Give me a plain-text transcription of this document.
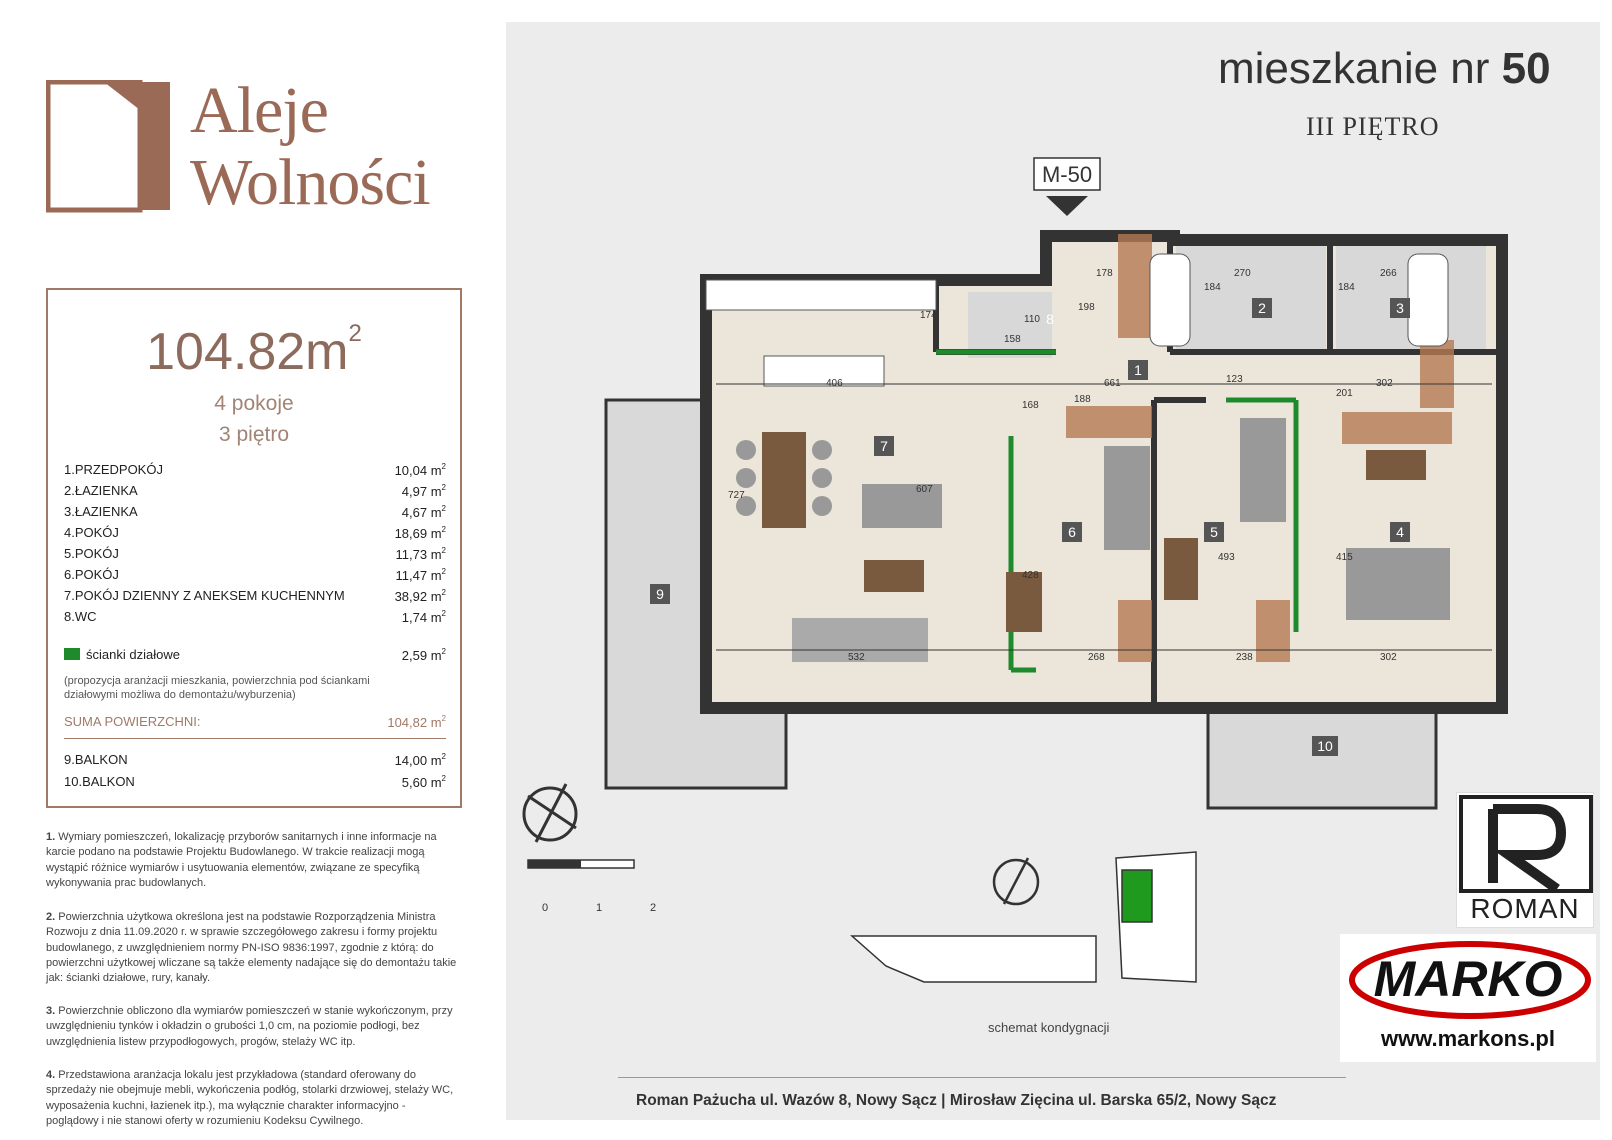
Aleje
Wolności
$104.82m^2$
4 pokoje
3 piętro
1.PRZEDPOKÓJ	10,04 $m^2$
2.ŁAZIENKA	4,97 $m^2$
3.ŁAZIENKA	4,67 $m^2$
4.POKÓJ	18,69 $m^2$
5.POKÓJ	11,73 $m^2$
6.POKÓJ	11,47 $m^2$
7.POKÓJ DZIENNY Z ANEKSEM KUCHENNYM	38,92 $m^2$
8.WC	1,74 $m^2$
ścianki działowe	2,59 $m^2$
(propozycja aranżacji mieszkania, powierzchnia pod ściankami działowymi możliwa do demontażu/wyburzenia)
SUMA POWIERZCHNI:	104,82 $m^2$
9.BALKON	14,00 $m^2$
10.BALKON	5,60 $m^2$
1. Wymiary pomieszczeń, lokalizację przyborów sanitarnych i inne informacje na karcie podano na podstawie Projektu Budowlanego. W trakcie realizacji mogą wystąpić różnice wymiarów i usytuowania elementów, związane ze specyfiką wykonywania prac budowlanych.
2. Powierzchnia użytkowa określona jest na podstawie Rozporządzenia Ministra Rozwoju z dnia 11.09.2020 r. w sprawie szczegółowego zakresu i formy projektu budowlanego, z uwzględnieniem normy PN-ISO 9836:1997, zgodnie z którą: do powierzchni użytkowej wliczane są także elementy nadające się do demontażu takie jak: ścianki działowe, rury, kanały.
3. Powierzchnie obliczono dla wymiarów pomieszczeń w stanie wykończonym, przy uwzględnieniu tynków i okładzin o grubości 1,0 cm, na poziomie podłogi, bez uwzględnienia listew przypodłogowych, progów, stelaży WC itp.
4. Przedstawiona aranżacja lokalu jest przykładowa (standard oferowany do sprzedaży nie obejmuje mebli, wykończenia podłóg, stolarki drzwiowej, stelaży WC, wyposażenia kuchni, łazienek itp.), ma wyłącznie charakter informacyjno - poglądowy i nie stanowi oferty w rozumieniu Kodeksu Cywilnego.
1
2	3
4
5
6
7
8
9
10
178
198
270
184
266
184
110
158
174
406	661
168
188
123
201
302
727
607
428
268
493
238
415
302
532
M-50
mieszkanie nr 50
III PIĘTRO
0	1	2
schemat kondygnacji
ROMAN
MARKO
www.markons.pl
Roman Pażucha ul. Wazów 8, Nowy Sącz | Mirosław Zięcina ul. Barska 65/2, Nowy Sącz
